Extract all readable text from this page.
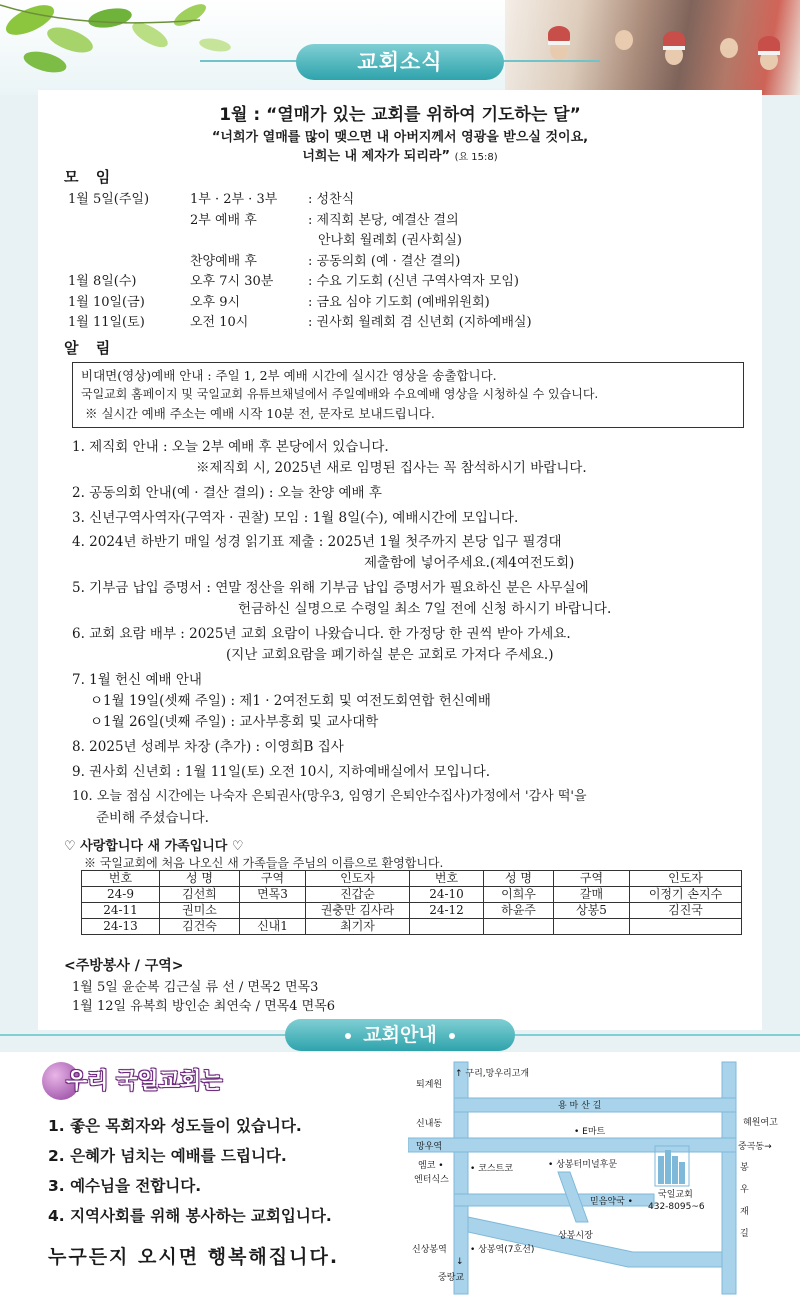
교회소식
1월 : “열매가 있는 교회를 위하여 기도하는 달”
“너희가 열매를 많이 맺으면 내 아버지께서 영광을 받으실 것이요,
너희는 내 제자가 되리라” (요 15:8)
모 임
1월 5일(주일)	1부 · 2부 · 3부 : 성찬식
2부 예배 후	: 제직회 본당, 예결산 결의
안나회 월례회 (권사회실)
찬양예배 후	: 공동의회 (예 · 결산 결의)
1월 8일(수)	오후 7시 30분	: 수요 기도회 (신년 구역사역자 모임)
1월 10일(금)	오후 9시	: 금요 심야 기도회 (예배위원회)
1월 11일(토)	오전 10시	: 권사회 월례회 겸 신년회 (지하예배실)
알 림
비대면(영상)예배 안내 : 주일 1, 2부 예배 시간에 실시간 영상을 송출합니다.
국일교회 홈페이지 및 국일교회 유튜브채널에서 주일예배와 수요예배 영상을 시청하실 수 있습니다.
※ 실시간 예배 주소는 예배 시작 10분 전, 문자로 보내드립니다.
1. 제직회 안내 : 오늘 2부 예배 후 본당에서 있습니다.
※제직회 시, 2025년 새로 임명된 집사는 꼭 참석하시기 바랍니다.
2. 공동의회 안내(예 · 결산 결의) : 오늘 찬양 예배 후
3. 신년구역사역자(구역자 · 권찰) 모임 : 1월 8일(수), 예배시간에 모입니다.
4. 2024년 하반기 매일 성경 읽기표 제출 : 2025년 1월 첫주까지 본당 입구 필경대
제출함에 넣어주세요.(제4여전도회)
5. 기부금 납입 증명서 : 연말 정산을 위해 기부금 납입 증명서가 필요하신 분은 사무실에
헌금하신 실명으로 수령일 최소 7일 전에 신청 하시기 바랍니다.
6. 교회 요람 배부 : 2025년 교회 요람이 나왔습니다. 한 가정당 한 권씩 받아 가세요.
(지난 교회요람을 폐기하실 분은 교회로 가져다 주세요.)
7. 1월 헌신 예배 안내
ㅇ1월 19일(셋째 주일) : 제1 · 2여전도회 및 여전도회연합 헌신예배
ㅇ1월 26일(넷째 주일) : 교사부흥회 및 교사대학
8. 2025년 성례부 차장 (추가) : 이영희B 집사
9. 권사회 신년회 : 1월 11일(토) 오전 10시, 지하예배실에서 모입니다.
10. 오늘 점심 시간에는 나숙자 은퇴권사(망우3, 임영기 은퇴안수집사)가정에서 '감사 떡'을
준비해 주셨습니다.
♡ 사랑합니다 새 가족입니다 ♡
※ 국일교회에 처음 나오신 새 가족들을 주님의 이름으로 환영합니다.
번호	성 명	구역	인도자	번호	성 명	구역	인도자
24-9	김선희	면목3	진갑순	24-10	이희우	갈매	이정기 손지수
24-11	권미소		권충만 김사라	24-12	하윤주	상봉5	김진국
24-13	김건숙	신내1	최기자				
<주방봉사 / 구역>
1월 5일 윤순복 김근실 류 선 / 면목2 면목3
1월 12일 유복희 방인순 최연숙 / 면목4 면목6
우리 국일교회는
1. 좋은 목회자와 성도들이 있습니다.
2. 은혜가 넘치는 예배를 드립니다.
3. 예수님을 전합니다.
4. 지역사회를 위해 봉사하는 교회입니다.
누구든지 오시면 행복해집니다.
↑ 구리,망우리고개
퇴계원
용 마 산 길
신내동	혜원여고
• E마트
망우역	중곡동→
엠코 •
엔터식스
• 코스트코	• 상봉터미널후문
믿음약국 •
국일교회
432-8095~6
상봉시장
신상봉역	• 상봉역(7호선)
↓
중랑교
봉
우
재
길
교회안내
